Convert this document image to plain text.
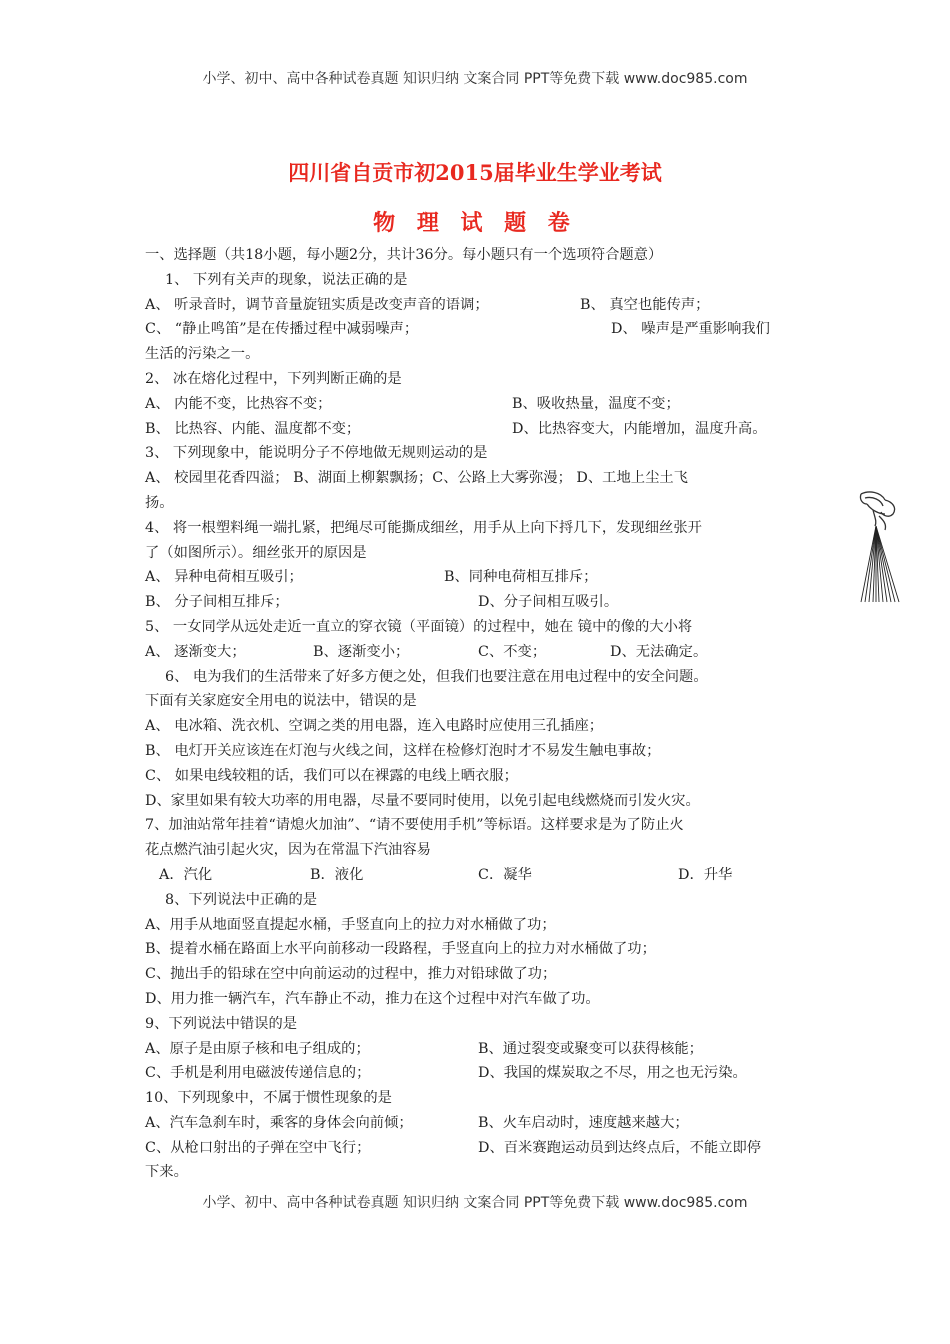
小学、初中、高中各种试卷真题 知识归纳 文案合同 PPT等免费下载 www.doc985.com
四川省自贡市初2015届毕业生学业考试
物 理 试 题 卷
一、选择题（共18小题，每小题2分，共计36分。每小题只有一个选项符合题意）
1、 下列有关声的现象，说法正确的是
A、 听录音时，调节音量旋钮实质是改变声音的语调；	B、 真空也能传声；
C、 “静止鸣笛”是在传播过程中减弱噪声；	D、 噪声是严重影响我们
生活的污染之一。
2、 冰在熔化过程中，下列判断正确的是
A、 内能不变，比热容不变；	B、吸收热量，温度不变；
B、 比热容、内能、温度都不变；	D、比热容变大，内能增加，温度升高。
3、 下列现象中，能说明分子不停地做无规则运动的是
A、 校园里花香四溢； B、湖面上柳絮飘扬；C、公路上大雾弥漫； D、工地上尘土飞
扬。
4、 将一根塑料绳一端扎紧，把绳尽可能撕成细丝，用手从上向下捋几下，发现细丝张开
了（如图所示）。细丝张开的原因是
A、 异种电荷相互吸引；	B、同种电荷相互排斥；
B、 分子间相互排斥；	D、分子间相互吸引。
5、 一女同学从远处走近一直立的穿衣镜（平面镜）的过程中，她在 镜中的像的大小将
A、 逐渐变大；	B、逐渐变小；	C、不变；	D、无法确定。
6、 电为我们的生活带来了好多方便之处，但我们也要注意在用电过程中的安全问题。
下面有关家庭安全用电的说法中，错误的是
A、 电冰箱、洗衣机、空调之类的用电器，连入电路时应使用三孔插座；
B、 电灯开关应该连在灯泡与火线之间，这样在检修灯泡时才不易发生触电事故；
C、 如果电线较粗的话，我们可以在裸露的电线上晒衣服；
D、家里如果有较大功率的用电器，尽量不要同时使用，以免引起电线燃烧而引发火灾。
7、加油站常年挂着“请熄火加油”、“请不要使用手机”等标语。这样要求是为了防止火
花点燃汽油引起火灾，因为在常温下汽油容易
A．汽化	B．液化	C．凝华	D．升华
8、下列说法中正确的是
A、用手从地面竖直提起水桶，手竖直向上的拉力对水桶做了功；
B、提着水桶在路面上水平向前移动一段路程，手竖直向上的拉力对水桶做了功；
C、抛出手的铅球在空中向前运动的过程中，推力对铅球做了功；
D、用力推一辆汽车，汽车静止不动，推力在这个过程中对汽车做了功。
9、下列说法中错误的是
A、原子是由原子核和电子组成的；	B、通过裂变或聚变可以获得核能；
C、手机是利用电磁波传递信息的；	D、我国的煤炭取之不尽，用之也无污染。
10、下列现象中，不属于惯性现象的是
A、汽车急刹车时，乘客的身体会向前倾；	B、火车启动时，速度越来越大；
C、从枪口射出的子弹在空中飞行；	D、百米赛跑运动员到达终点后，不能立即停
下来。
小学、初中、高中各种试卷真题 知识归纳 文案合同 PPT等免费下载 www.doc985.com
